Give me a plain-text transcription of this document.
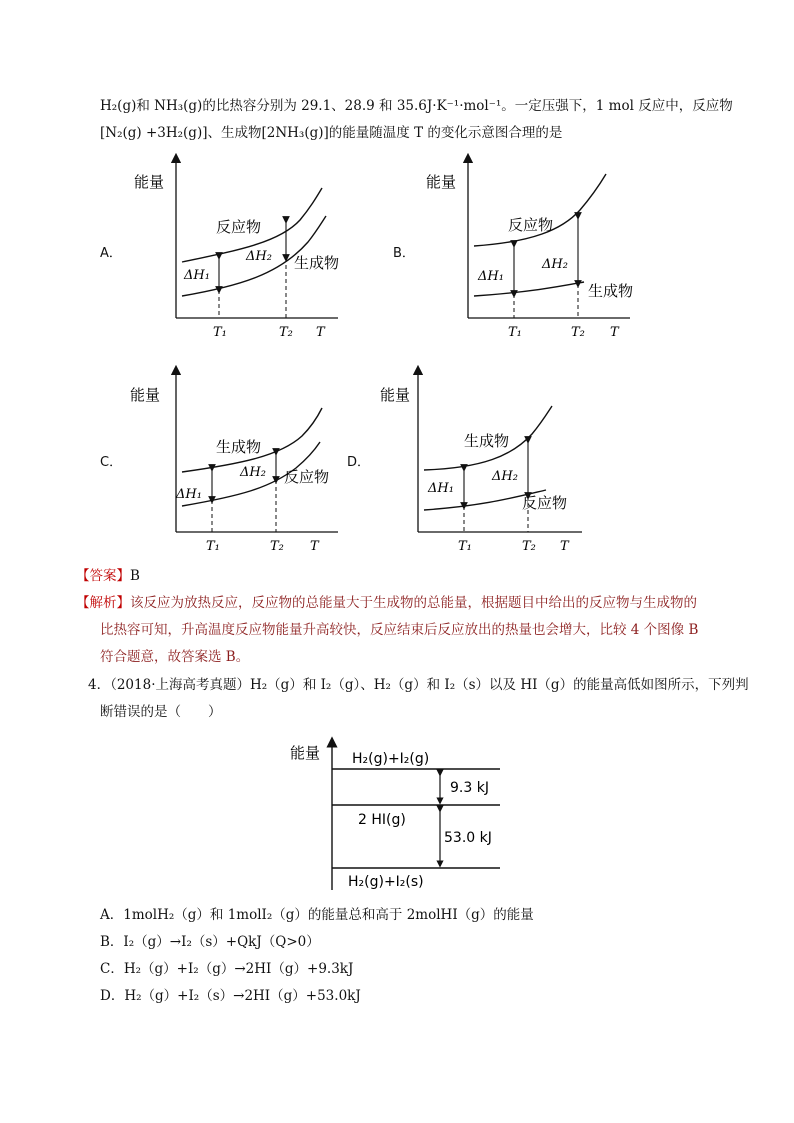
H₂(g)和 NH₃(g)的比热容分别为 29.1、28.9 和 35.6J·K⁻¹·mol⁻¹。一定压强下，1 mol 反应中，反应物
[N₂(g) +3H₂(g)]、生成物[2NH₃(g)]的能量随温度 T 的变化示意图合理的是
A．	B．
C．	D．
能量
反应物
生成物
ΔH₁
ΔH₂
T₁	T₂ T
能量
反应物
生成物
ΔH₁
ΔH₂
T₁	T₂ T
能量
生成物
反应物
ΔH₁
ΔH₂
T₁	T₂ T
能量
生成物
反应物
ΔH₁
ΔH₂
T₁	T₂ T
【答案】B
【解析】该反应为放热反应，反应物的总能量大于生成物的总能量，根据题目中给出的反应物与生成物的
比热容可知，升高温度反应物能量升高较快，反应结束后反应放出的热量也会增大，比较 4 个图像 B
符合题意，故答案选 B。
4．（2018·上海高考真题）H₂（g）和 I₂（g）、H₂（g）和 I₂（s）以及 HI（g）的能量高低如图所示，下列判
断错误的是（　　）
能量 H₂(g)+I₂(g)
2 HI(g)
H₂(g)+I₂(s)
9.3 kJ
53.0 kJ
A．1molH₂（g）和 1molI₂（g）的能量总和高于 2molHI（g）的能量
B．I₂（g）→I₂（s）+QkJ（Q>0）
C．H₂（g）+I₂（g）→2HI（g）+9.3kJ
D．H₂（g）+I₂（s）→2HI（g）+53.0kJ
